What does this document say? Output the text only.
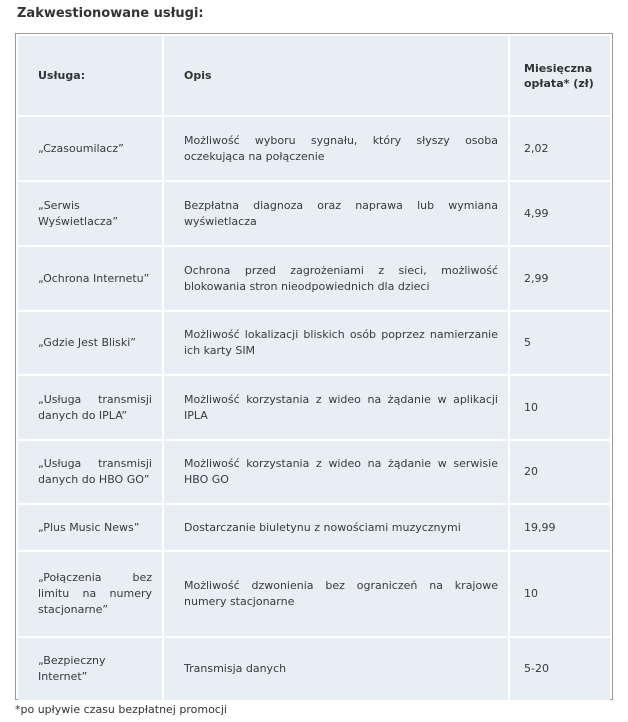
Zakwestionowane usługi:
Usługa:	Opis	Miesięczna opłata* (zł)
„Czasoumilacz”	Możliwość wyboru sygnału, który słyszy osoba oczekująca na połączenie	2,02
„Serwis Wyświetlacza”	Bezpłatna diagnoza oraz naprawa lub wymiana wyświetlacza	4,99
„Ochrona Internetu”	Ochrona przed zagrożeniami z sieci, możliwość blokowania stron nieodpowiednich dla dzieci	2,99
„Gdzie Jest Bliski”	Możliwość lokalizacji bliskich osób poprzez namierzanie ich karty SIM	5
„Usługa transmisji danych do IPLA”	Możliwość korzystania z wideo na żądanie w aplikacji IPLA	10
„Usługa transmisji danych do HBO GO”	Możliwość korzystania z wideo na żądanie w serwisie HBO GO	20
„Plus Music News”	Dostarczanie biuletynu z nowościami muzycznymi	19,99
„Połączenia bez limitu na numery stacjonarne”	Możliwość dzwonienia bez ograniczeń na krajowe numery stacjonarne	10
„Bezpieczny Internet”	Transmisja danych	5-20
*po upływie czasu bezpłatnej promocji
